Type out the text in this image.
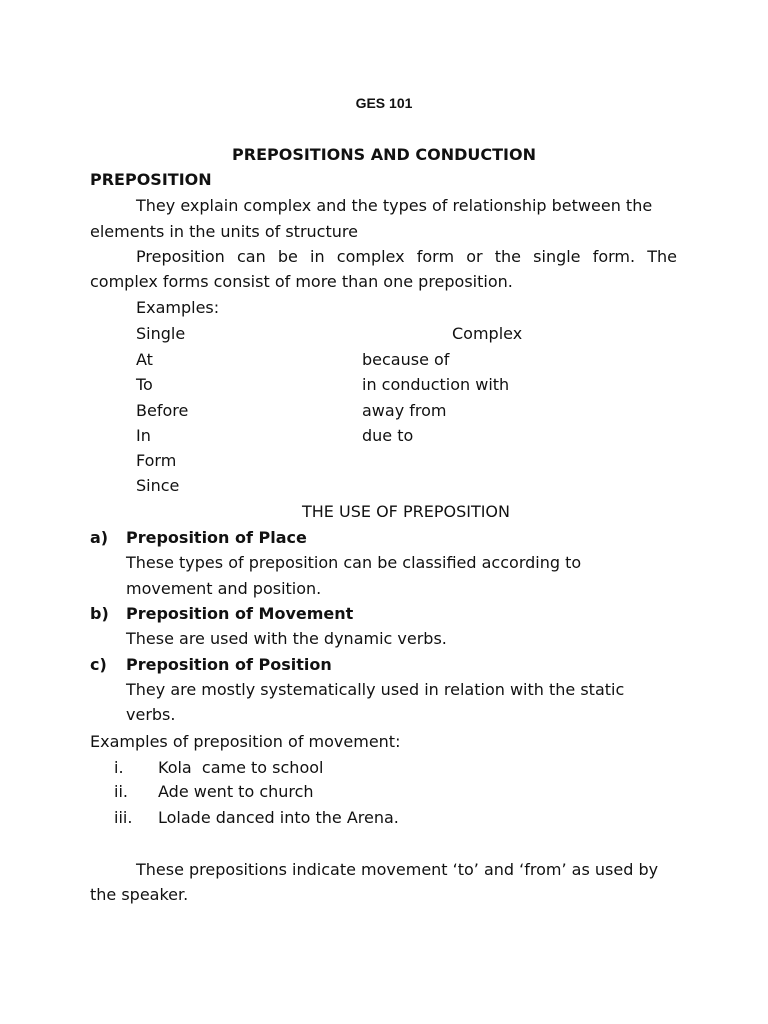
GES 101
PREPOSITIONS AND CONDUCTION
PREPOSITION
They explain complex and the types of relationship between the
elements in the units of structure
Preposition can be in complex form or the single form. The
complex forms consist of more than one preposition.
Examples:
Single	Complex
At
To
Before
In
Form
Since
because of
in conduction with
away from
due to
THE USE OF PREPOSITION
a) Preposition of Place
These types of preposition can be classified according to
movement and position.
b) Preposition of Movement
These are used with the dynamic verbs.
c) Preposition of Position
They are mostly systematically used in relation with the static
verbs.
Examples of preposition of movement:
i. Kola  came to school
ii. Ade went to church
iii. Lolade danced into the Arena.
These prepositions indicate movement ‘to’ and ‘from’ as used by
the speaker.
